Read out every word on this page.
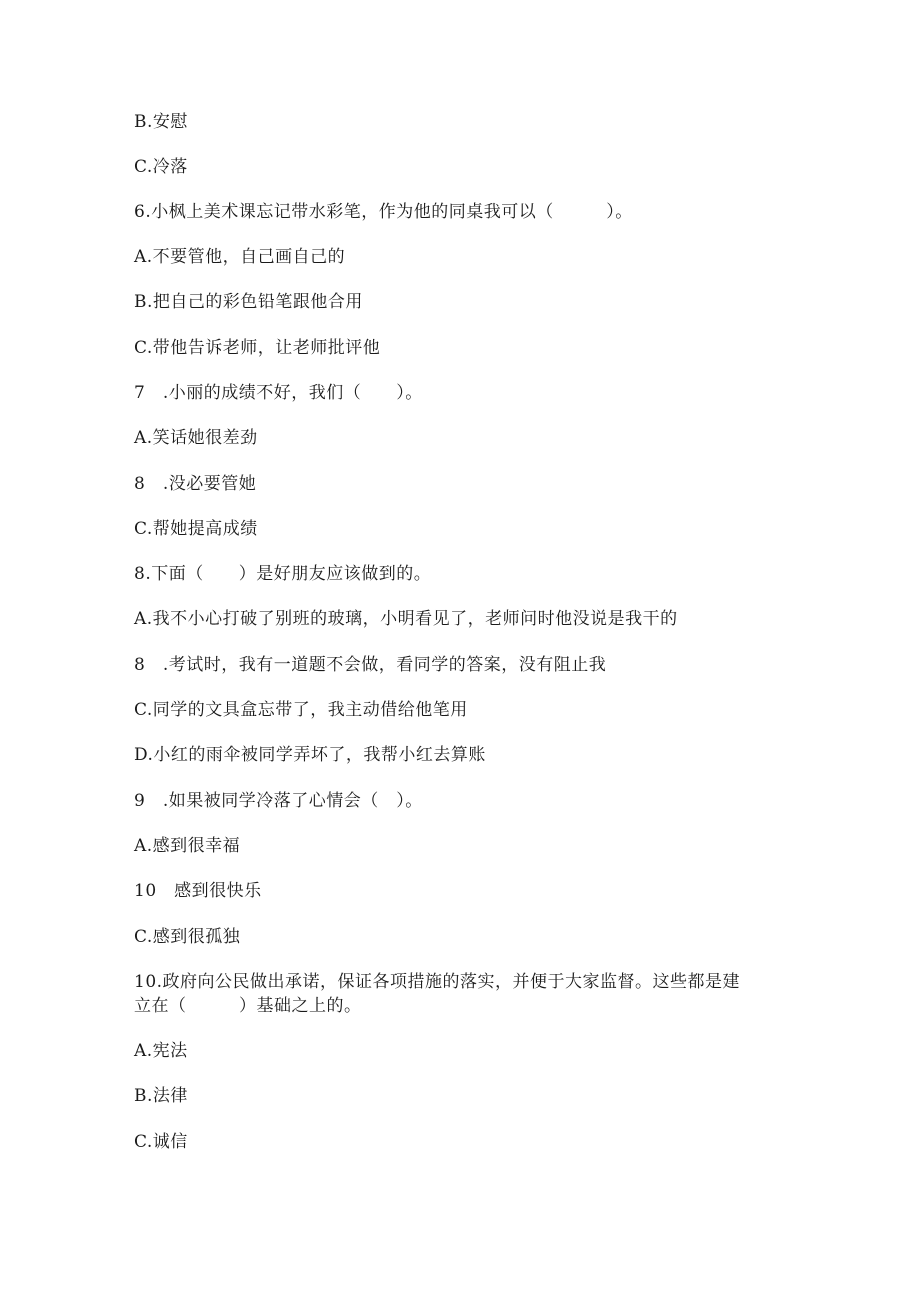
B.安慰
C.冷落
6.小枫上美术课忘记带水彩笔，作为他的同桌我可以（　　　）。
A.不要管他，自己画自己的
B.把自己的彩色铅笔跟他合用
C.带他告诉老师，让老师批评他
7　.小丽的成绩不好，我们（　　）。
A.笑话她很差劲
8　.没必要管她
C.帮她提高成绩
8.下面（　　）是好朋友应该做到的。
A.我不小心打破了别班的玻璃，小明看见了，老师问时他没说是我干的
8　.考试时，我有一道题不会做，看同学的答案，没有阻止我
C.同学的文具盒忘带了，我主动借给他笔用
D.小红的雨伞被同学弄坏了，我帮小红去算账
9　.如果被同学冷落了心情会（　）。
A.感到很幸福
10　感到很快乐
C.感到很孤独
10.政府向公民做出承诺，保证各项措施的落实，并便于大家监督。这些都是建
立在（　　　）基础之上的。
A.宪法
B.法律
C.诚信
